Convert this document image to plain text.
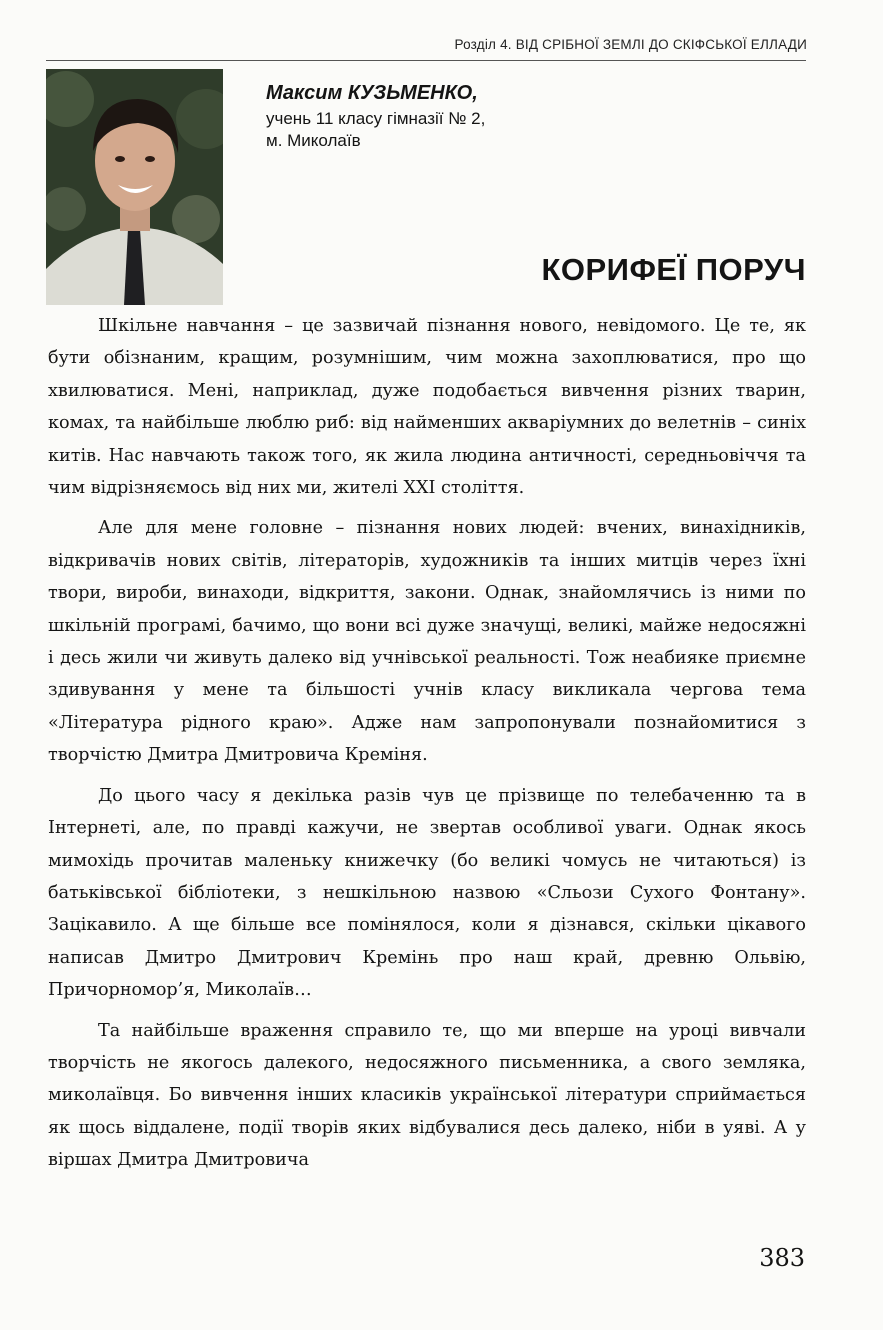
Розділ 4. ВІД СРІБНОЇ ЗЕМЛІ ДО СКІФСЬКОЇ ЕЛЛАДИ
Максим КУЗЬМЕНКО,
учень 11 класу гімназії № 2,
м. Миколаїв
КОРИФЕЇ ПОРУЧ

Шкільне навчання – це зазвичай пізнання нового, невідомого. Це те, як бути обізнаним, кращим, розумнішим, чим можна захоплюватися, про що хвилюватися. Мені, наприклад, дуже подобається вивчення різних тварин, комах, та найбільше люблю риб: від найменших акваріумних до велетнів – синіх китів. Нас навчають також того, як жила людина античності, середньовіччя та чим відрізняємось від них ми, жителі XXI століття.

Але для мене головне – пізнання нових людей: вчених, винахідників, відкривачів нових світів, літераторів, художників та інших митців через їхні твори, вироби, винаходи, відкриття, закони. Однак, знайомлячись із ними по шкільній програмі, бачимо, що вони всі дуже значущі, великі, майже недосяжні і десь жили чи живуть далеко від учнівської реальності. Тож неабияке приємне здивування у мене та більшості учнів класу викликала чергова тема «Література рідного краю». Адже нам запропонували познайомитися з творчістю Дмитра Дмитровича Креміня.

До цього часу я декілька разів чув це прізвище по телебаченню та в Інтернеті, але, по правді кажучи, не звертав особливої уваги. Однак якось мимохідь прочитав маленьку книжечку (бо великі чомусь не читаються) із батьківської бібліотеки, з нешкільною назвою «Сльози Сухого Фонтану». Зацікавило. А ще більше все помінялося, коли я дізнався, скільки цікавого написав Дмитро Дмитрович Кремінь про наш край, древню Ольвію, Причорномор’я, Миколаїв…

Та найбільше враження справило те, що ми вперше на уроці вивчали творчість не якогось далекого, недосяжного письменника, а свого земляка, миколаївця. Бо вивчення інших класиків української літератури сприймається як щось віддалене, події творів яких відбувалися десь далеко, ніби в уяві. А у віршах Дмитра Дмитровича

383
